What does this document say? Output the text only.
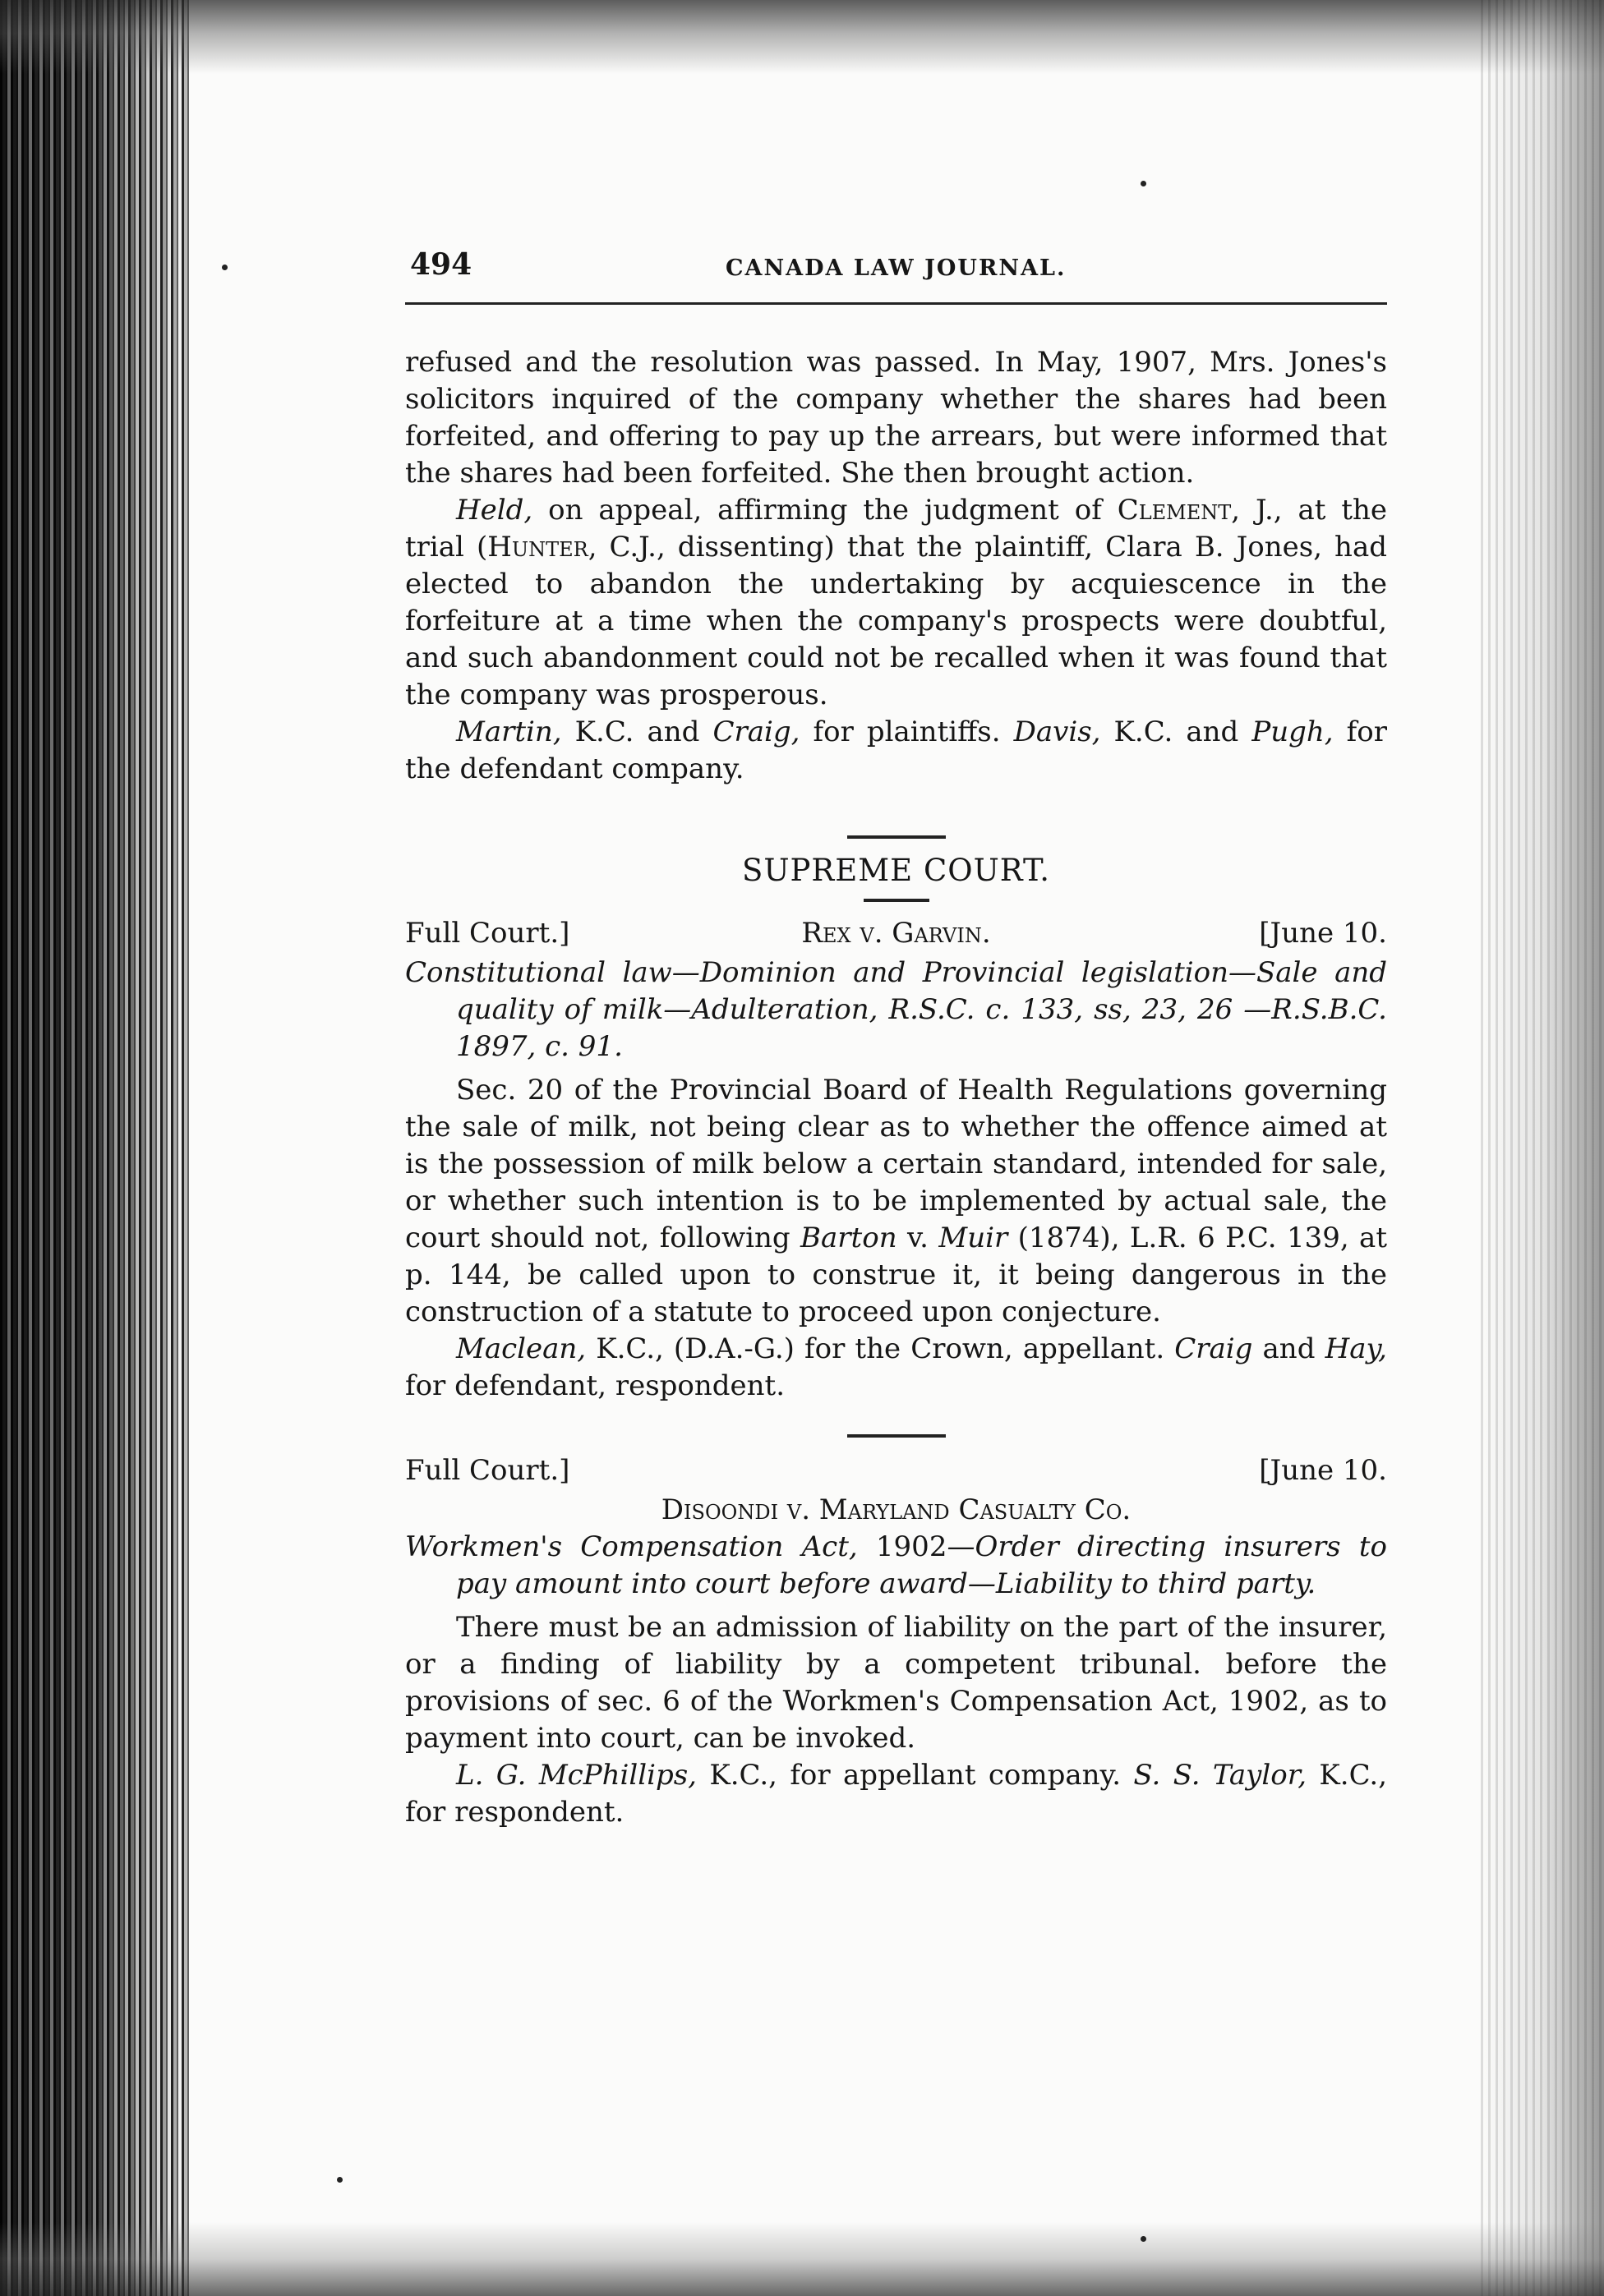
494	CANADA LAW JOURNAL.

refused and the resolution was passed. In May, 1907, Mrs. Jones's solicitors inquired of the company whether the shares had been forfeited, and offering to pay up the arrears, but were informed that the shares had been forfeited. She then brought action.

Held, on appeal, affirming the judgment of Clement, J., at the trial (Hunter, C.J., dissenting) that the plaintiff, Clara B. Jones, had elected to abandon the undertaking by acquiescence in the forfeiture at a time when the company's prospects were doubtful, and such abandonment could not be recalled when it was found that the company was prosperous.

Martin, K.C. and Craig, for plaintiffs. Davis, K.C. and Pugh, for the defendant company.

SUPREME COURT.
Full Court.]	Rex v. Garvin.	[June 10.

Constitutional law—Dominion and Provincial legislation—Sale and quality of milk—Adulteration, R.S.C. c. 133, ss, 23, 26 —R.S.B.C. 1897, c. 91.

Sec. 20 of the Provincial Board of Health Regulations governing the sale of milk, not being clear as to whether the offence aimed at is the possession of milk below a certain standard, intended for sale, or whether such intention is to be implemented by actual sale, the court should not, following Barton v. Muir (1874), L.R. 6 P.C. 139, at p. 144, be called upon to construe it, it being dangerous in the construction of a statute to proceed upon conjecture.

Maclean, K.C., (D.A.-G.) for the Crown, appellant. Craig and Hay, for defendant, respondent.

Full Court.]	[June 10.
Disoondi v. Maryland Casualty Co.

Workmen's Compensation Act, 1902—Order directing insurers to pay amount into court before award—Liability to third party.

There must be an admission of liability on the part of the insurer, or a finding of liability by a competent tribunal. before the provisions of sec. 6 of the Workmen's Compensation Act, 1902, as to payment into court, can be invoked.

L. G. McPhillips, K.C., for appellant company. S. S. Taylor, K.C., for respondent.
